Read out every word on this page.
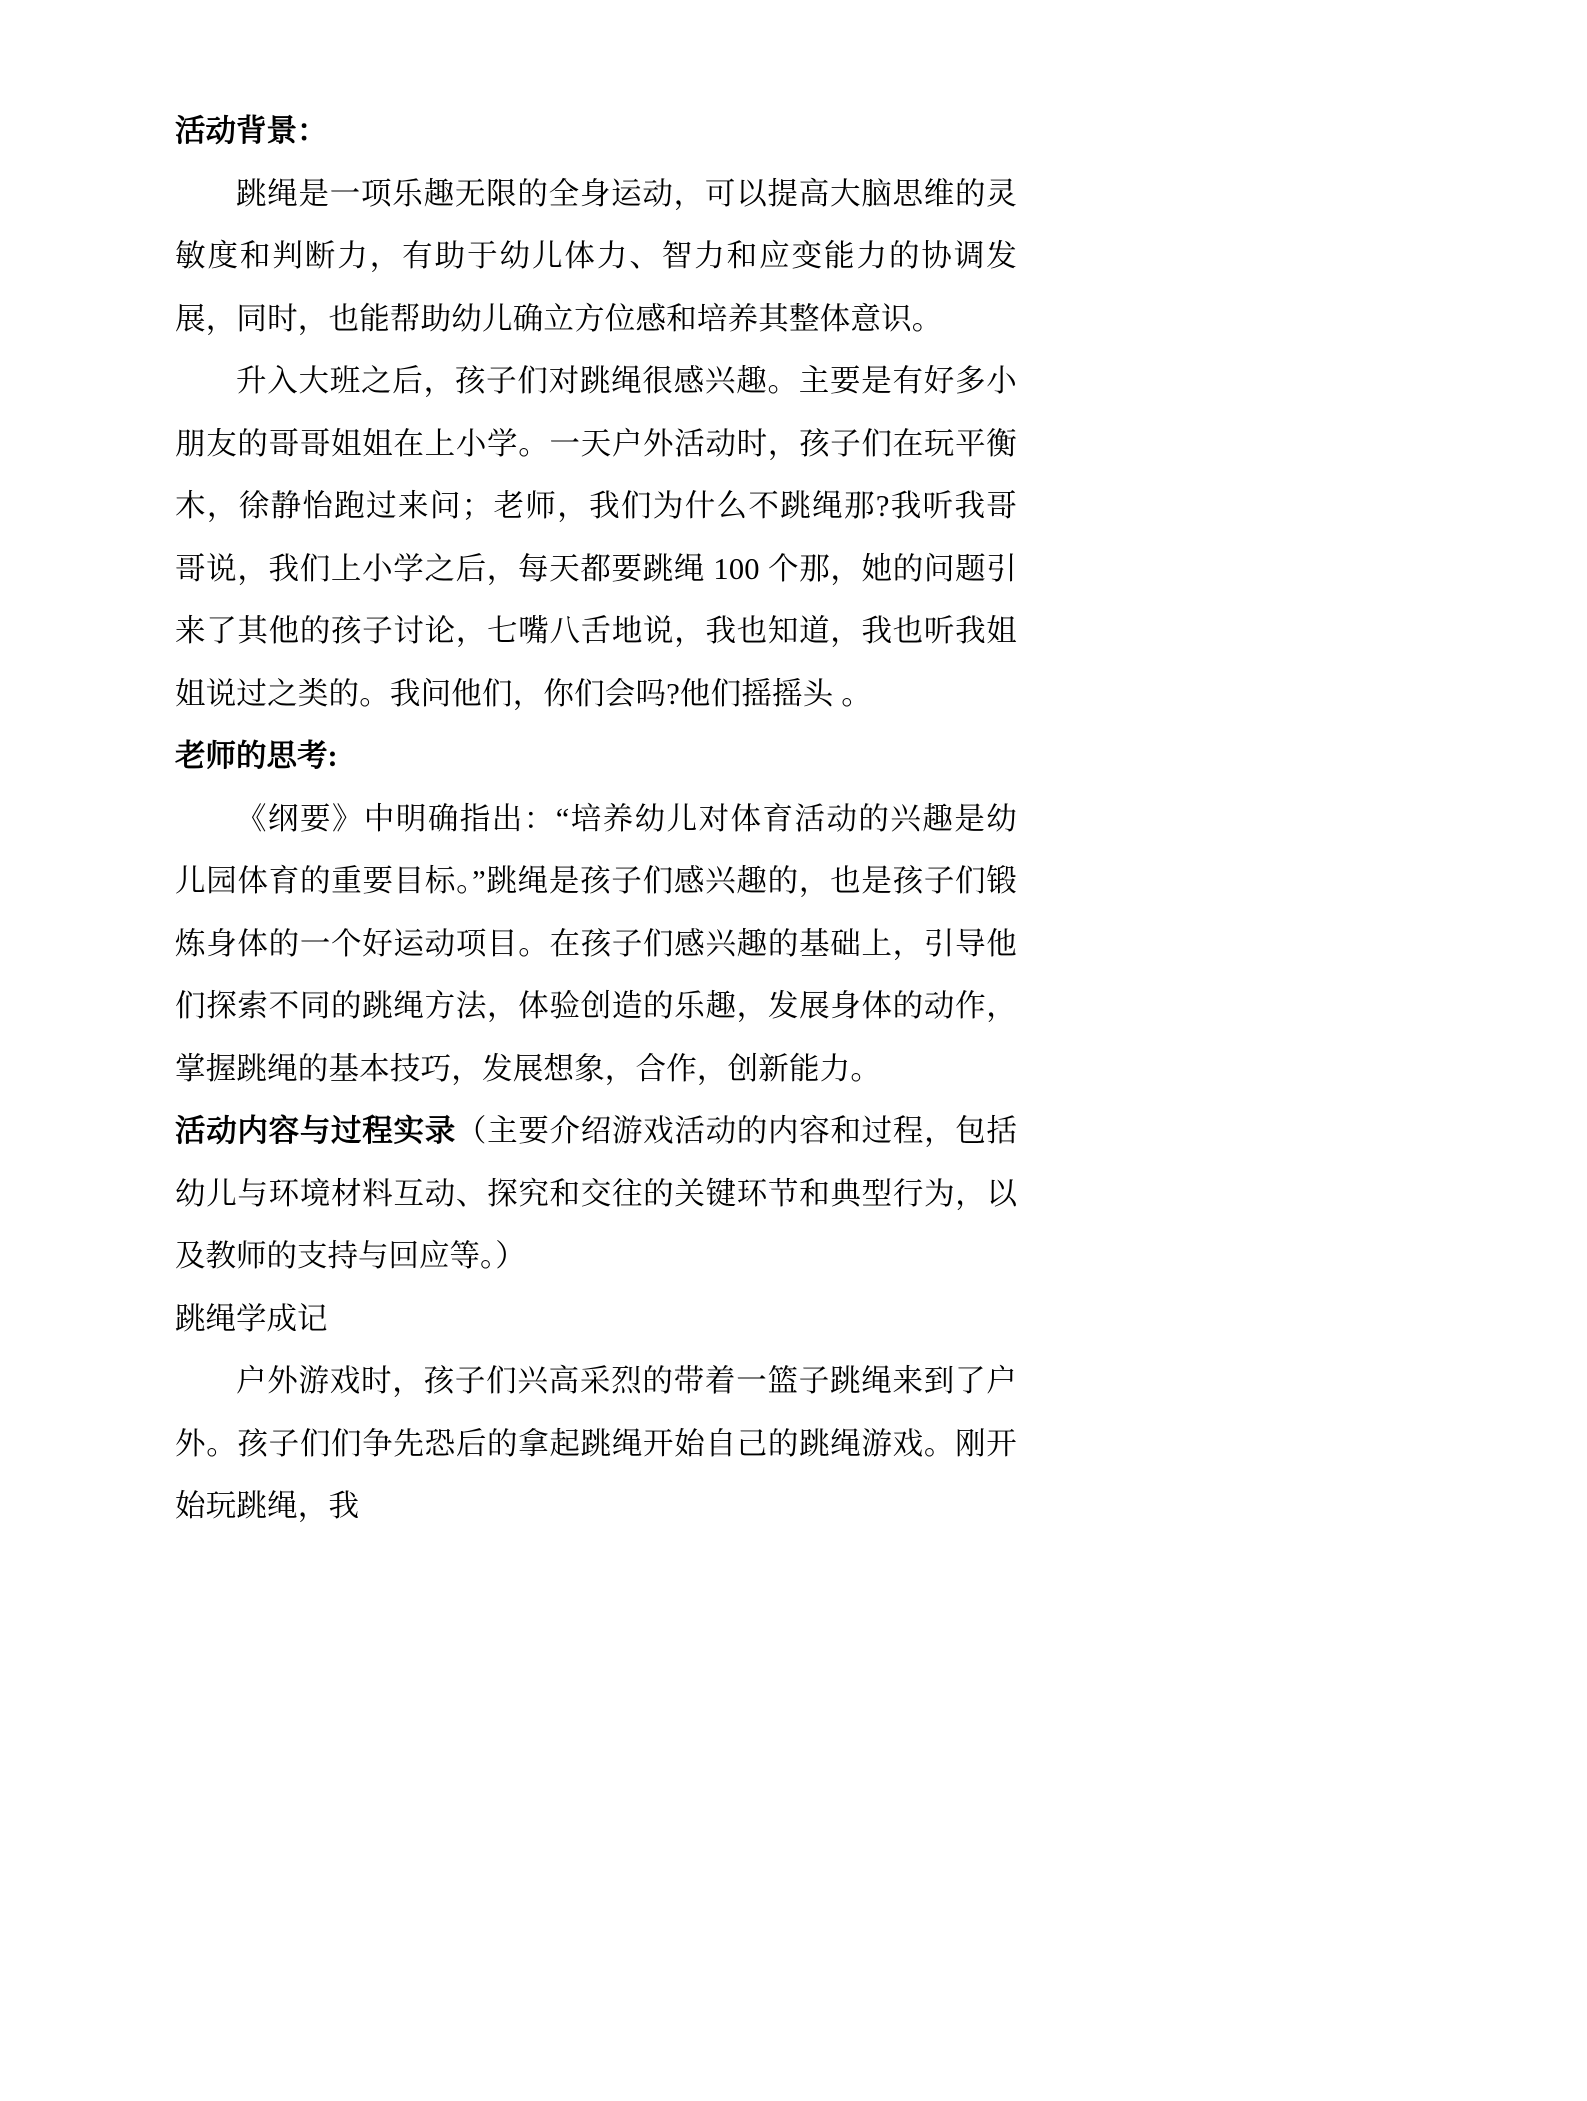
活动背景：

跳绳是一项乐趣无限的全身运动，可以提高大脑思维的灵敏度和判断力，有助于幼儿体力、智力和应变能力的协调发展，同时，也能帮助幼儿确立方位感和培养其整体意识。

升入大班之后，孩子们对跳绳很感兴趣。主要是有好多小朋友的哥哥姐姐在上小学。一天户外活动时，孩子们在玩平衡木，徐静怡跑过来问；老师，我们为什么不跳绳那?我听我哥哥说，我们上小学之后，每天都要跳绳 100 个那，她的问题引来了其他的孩子讨论，七嘴八舌地说，我也知道，我也听我姐姐说过之类的。我问他们，你们会吗?他们摇摇头 。

老师的思考:

《纲要》中明确指出：“培养幼儿对体育活动的兴趣是幼儿园体育的重要目标。”跳绳是孩子们感兴趣的，也是孩子们锻炼身体的一个好运动项目。在孩子们感兴趣的基础上，引导他们探索不同的跳绳方法，体验创造的乐趣，发展身体的动作，掌握跳绳的基本技巧，发展想象，合作，创新能力。

活动内容与过程实录（主要介绍游戏活动的内容和过程，包括幼儿与环境材料互动、探究和交往的关键环节和典型行为，以及教师的支持与回应等。）

跳绳学成记

户外游戏时，孩子们兴高采烈的带着一篮子跳绳来到了户外。孩子们们争先恐后的拿起跳绳开始自己的跳绳游戏。刚开始玩跳绳，我
